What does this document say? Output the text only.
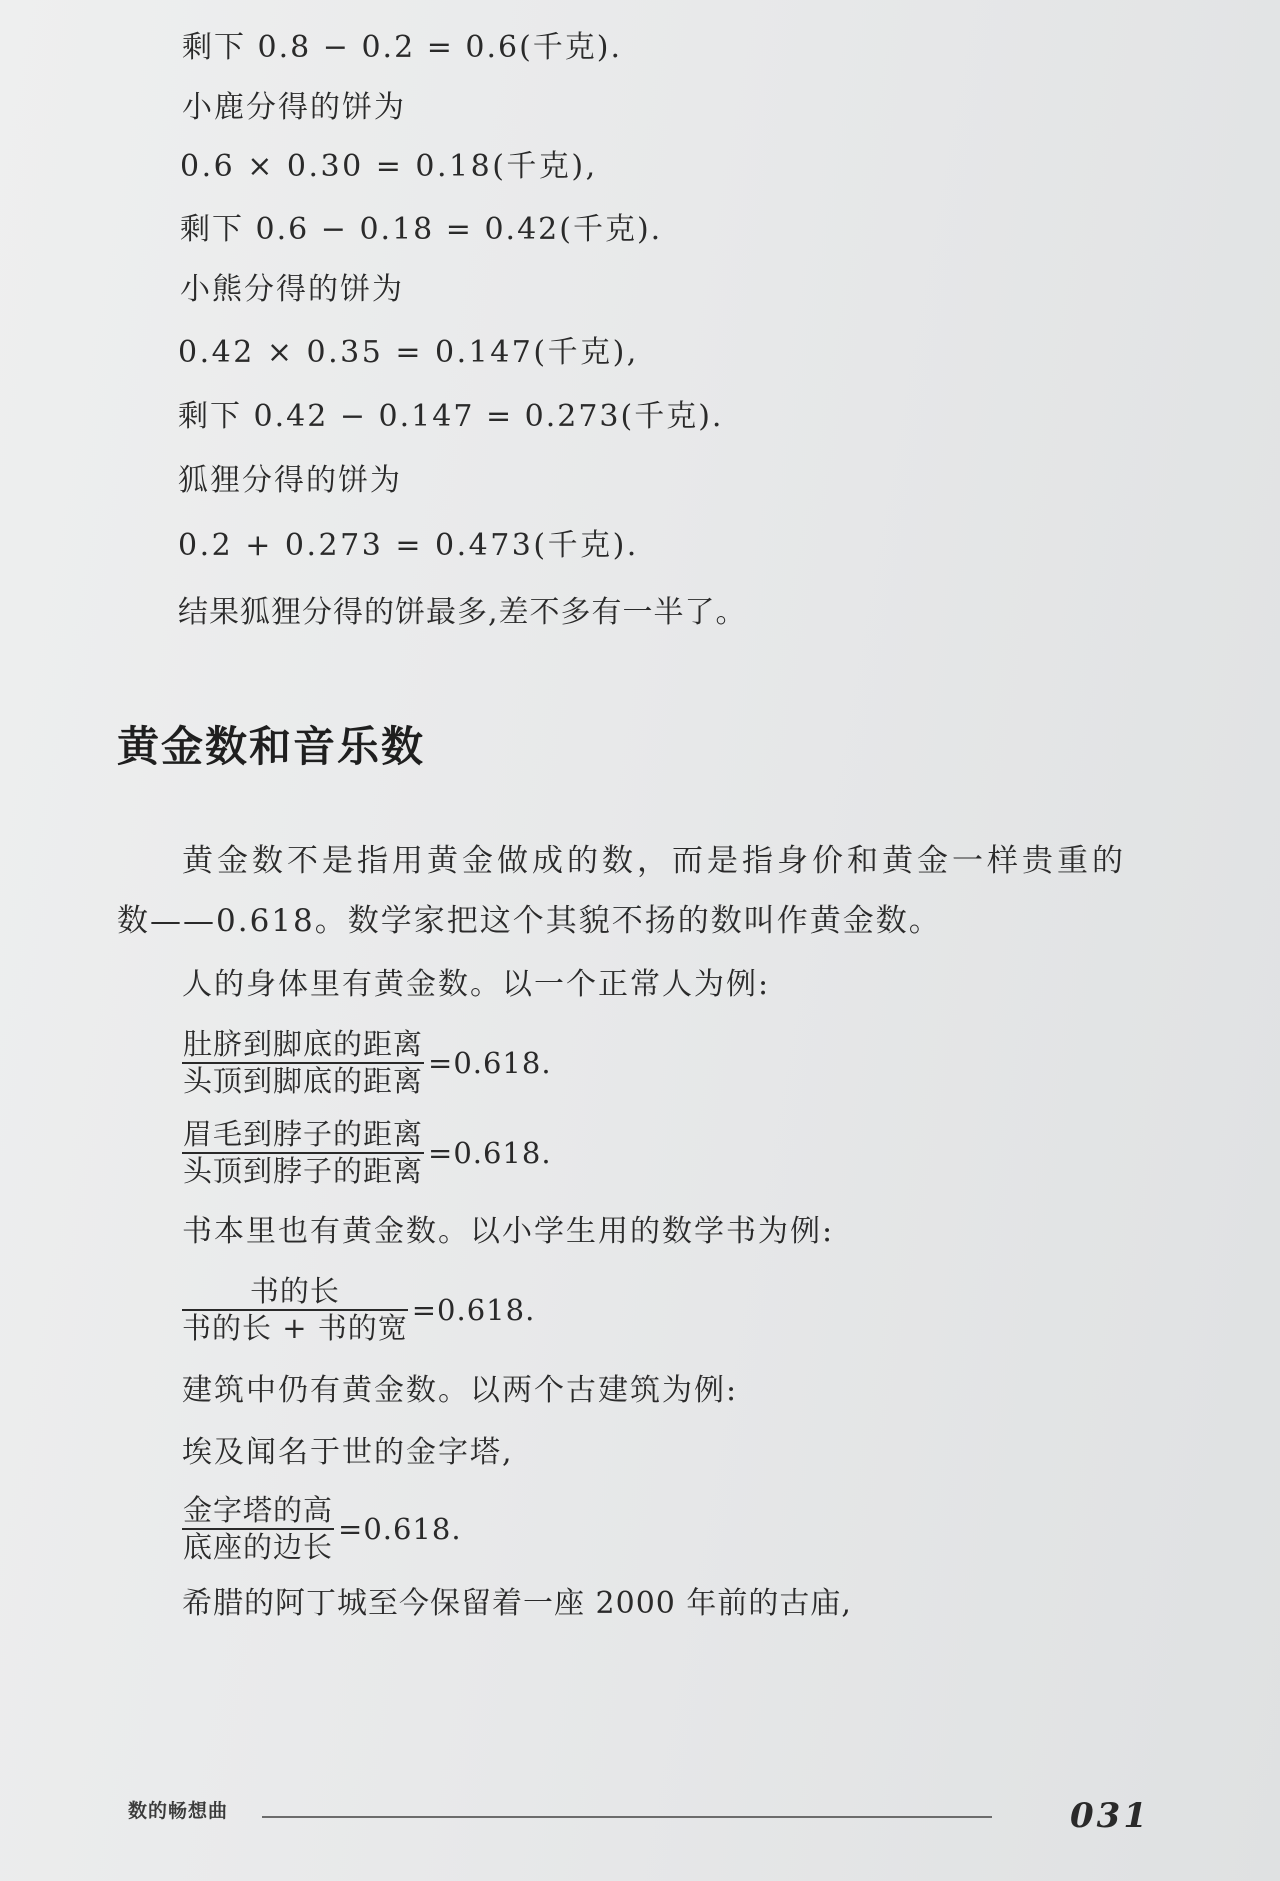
剩下 0.8 − 0.2 = 0.6(千克).
小鹿分得的饼为
0.6 × 0.30 = 0.18(千克),
剩下 0.6 − 0.18 = 0.42(千克).
小熊分得的饼为
0.42 × 0.35 = 0.147(千克),
剩下 0.42 − 0.147 = 0.273(千克).
狐狸分得的饼为
0.2 + 0.273 = 0.473(千克).
结果狐狸分得的饼最多,差不多有一半了。
黄金数和音乐数
黄金数不是指用黄金做成的数，而是指身价和黄金一样贵重的
数——0.618。数学家把这个其貌不扬的数叫作黄金数。
人的身体里有黄金数。以一个正常人为例:
$\frac{\text{肚脐到脚底的距离}}{\text{头顶到脚底的距离}} =0.618$.
$\frac{\text{眉毛到脖子的距离}}{\text{头顶到脖子的距离}} =0.618$.
书本里也有黄金数。以小学生用的数学书为例:
$\frac{\text{书的长}}{\text{书的长 + 书的宽}} =0.618$.
建筑中仍有黄金数。以两个古建筑为例:
埃及闻名于世的金字塔,
$\frac{\text{金字塔的高}}{\text{底座的边长}} =0.618$.
希腊的阿丁城至今保留着一座 2000 年前的古庙,
数的畅想曲	031
